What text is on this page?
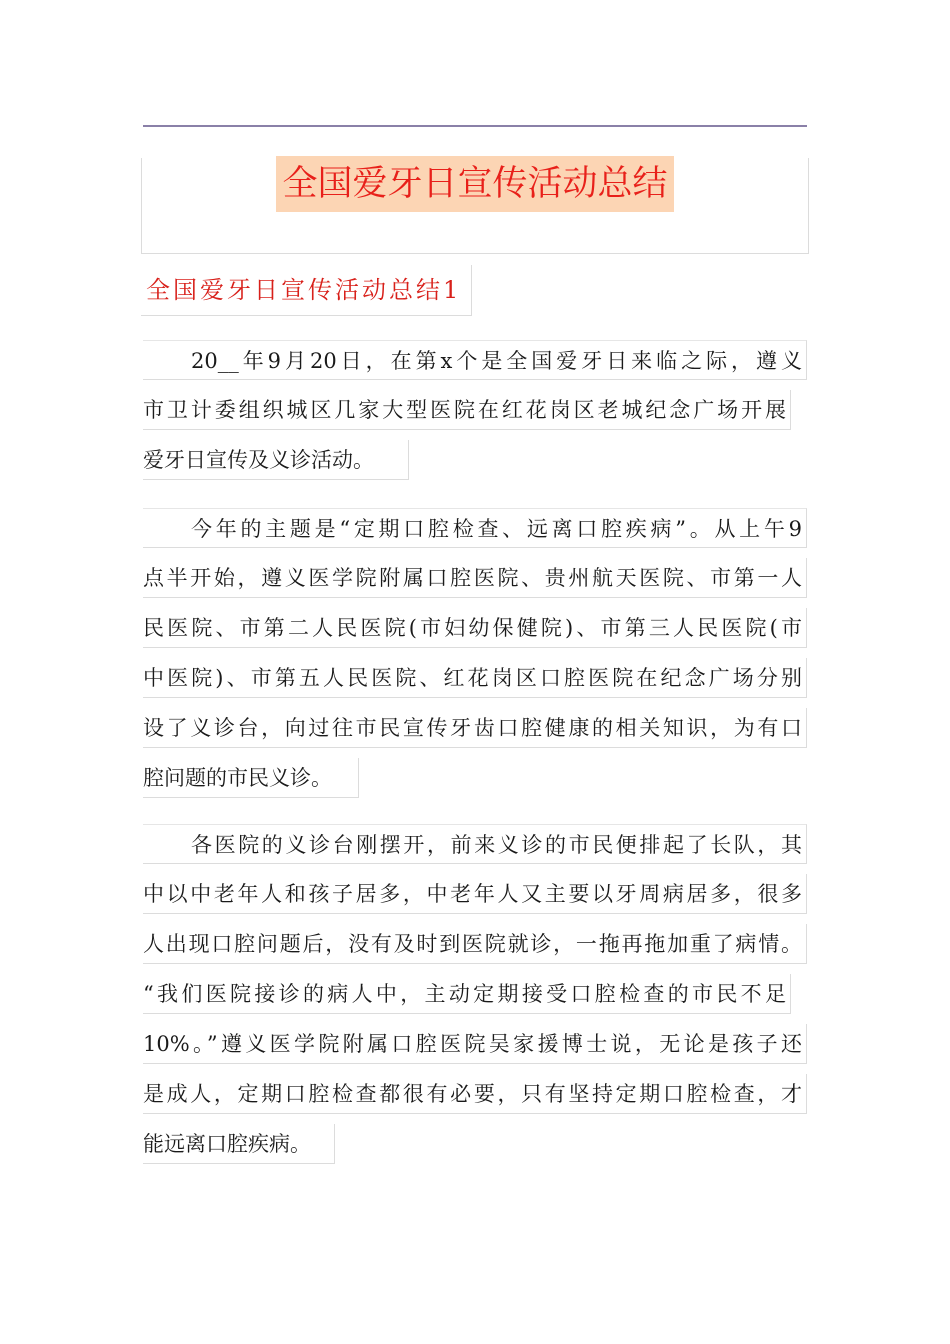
全国爱牙日宣传活动总结
全国爱牙日宣传活动总结1
20__年9月20日，在第x个是全国爱牙日来临之际，遵义
市卫计委组织城区几家大型医院在红花岗区老城纪念广场开展
爱牙日宣传及义诊活动。
今年的主题是“定期口腔检查、远离口腔疾病”。从上午9
点半开始，遵义医学院附属口腔医院、贵州航天医院、市第一人
民医院、市第二人民医院(市妇幼保健院)、市第三人民医院(市
中医院)、市第五人民医院、红花岗区口腔医院在纪念广场分别
设了义诊台，向过往市民宣传牙齿口腔健康的相关知识，为有口
腔问题的市民义诊。
各医院的义诊台刚摆开，前来义诊的市民便排起了长队，其
中以中老年人和孩子居多，中老年人又主要以牙周病居多，很多
人出现口腔问题后，没有及时到医院就诊，一拖再拖加重了病情。
“我们医院接诊的病人中，主动定期接受口腔检查的市民不足
10%。”遵义医学院附属口腔医院吴家援博士说，无论是孩子还
是成人，定期口腔检查都很有必要，只有坚持定期口腔检查，才
能远离口腔疾病。
